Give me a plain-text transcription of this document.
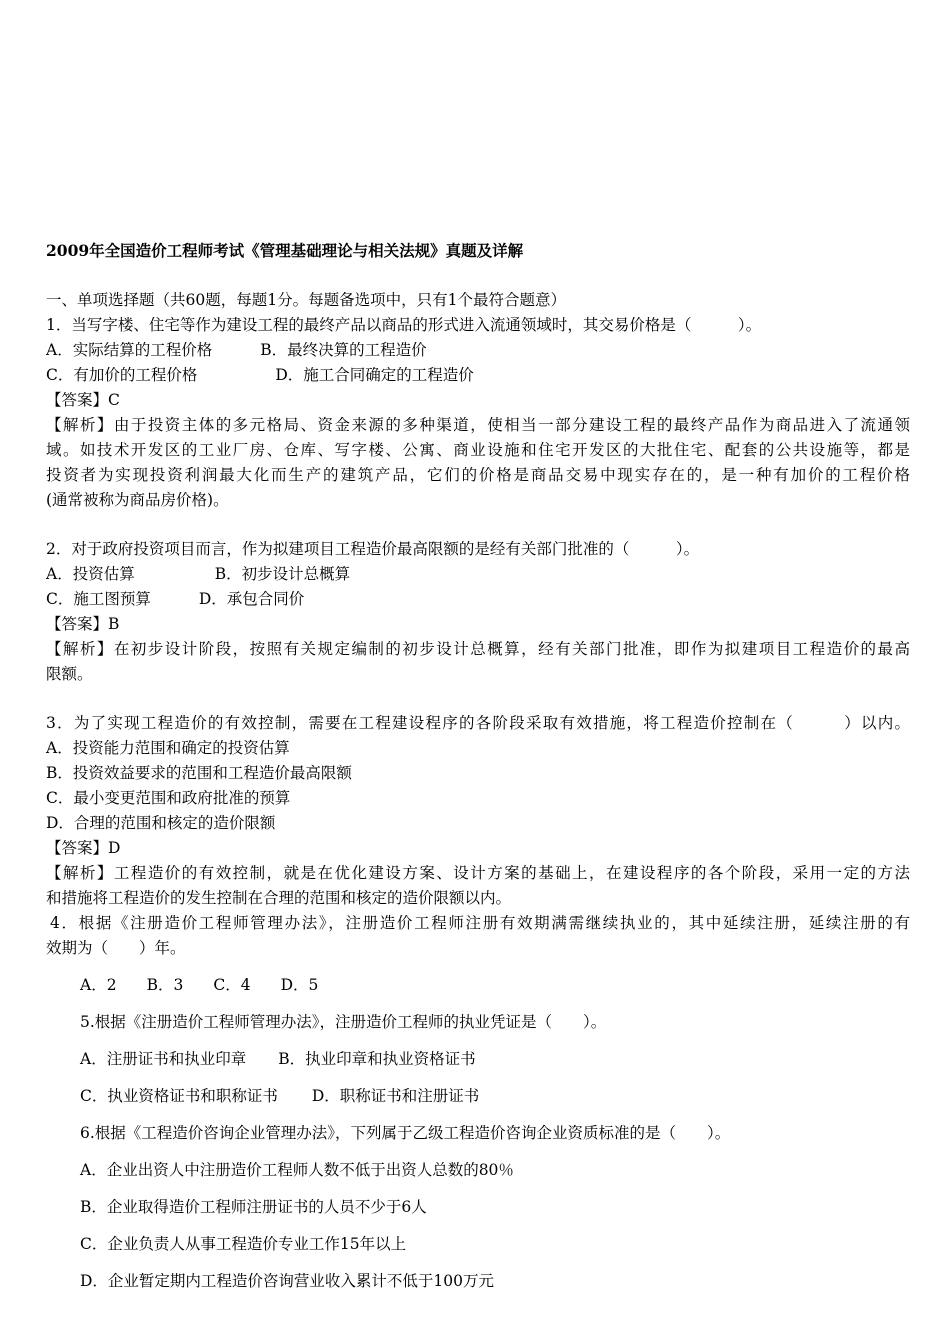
2009年全国造价工程师考试《管理基础理论与相关法规》真题及详解
一、单项选择题（共60题，每题1分。每题备选项中，只有1个最符合题意）
1．当写字楼、住宅等作为建设工程的最终产品以商品的形式进入流通领域时，其交易价格是（　　　）。
A．实际结算的工程价格	B．最终决算的工程造价
C．有加价的工程价格	D．施工合同确定的工程造价
【答案】C
【解析】由于投资主体的多元格局、资金来源的多种渠道，使相当一部分建设工程的最终产品作为商品进入了流通领
域。如技术开发区的工业厂房、仓库、写字楼、公寓、商业设施和住宅开发区的大批住宅、配套的公共设施等，都是
投资者为实现投资利润最大化而生产的建筑产品，它们的价格是商品交易中现实存在的，是一种有加价的工程价格
(通常被称为商品房价格)。
2．对于政府投资项目而言，作为拟建项目工程造价最高限额的是经有关部门批准的（　　　）。
A．投资估算	B．初步设计总概算
C．施工图预算	D．承包合同价
【答案】B
【解析】在初步设计阶段，按照有关规定编制的初步设计总概算，经有关部门批准，即作为拟建项目工程造价的最高
限额。
3．为了实现工程造价的有效控制，需要在工程建设程序的各阶段采取有效措施，将工程造价控制在（　　　）以内。
A．投资能力范围和确定的投资估算
B．投资效益要求的范围和工程造价最高限额
C．最小变更范围和政府批准的预算
D．合理的范围和核定的造价限额
【答案】D
【解析】工程造价的有效控制，就是在优化建设方案、设计方案的基础上，在建设程序的各个阶段，采用一定的方法
和措施将工程造价的发生控制在合理的范围和核定的造价限额以内。
4．根据《注册造价工程师管理办法》，注册造价工程师注册有效期满需继续执业的，其中延续注册，延续注册的有
效期为（　　）年。
A．2 B．3 C．4 D．5
5.根据《注册造价工程师管理办法》，注册造价工程师的执业凭证是（　　）。
A．注册证书和执业印章 B．执业印章和执业资格证书
C．执业资格证书和职称证书 D．职称证书和注册证书
6.根据《工程造价咨询企业管理办法》，下列属于乙级工程造价咨询企业资质标准的是（　　）。
A．企业出资人中注册造价工程师人数不低于出资人总数的80％
B．企业取得造价工程师注册证书的人员不少于6人
C．企业负责人从事工程造价专业工作15年以上
D．企业暂定期内工程造价咨询营业收入累计不低于100万元
